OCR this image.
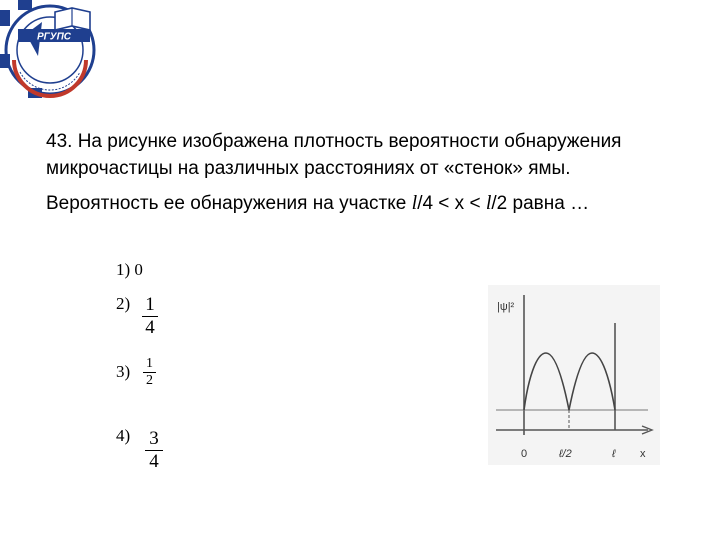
РГУПС

43. На рисунке изображена плотность вероятности обнаружения микрочастицы на различных расстояниях от «стенок» ямы.

Вероятность ее обнаружения на участке l/4 < x < l/2 равна …

1) 0
2) 1
4
3) 1
2
4) 3
4
|ψ|²
0	ℓ/2	ℓ x
